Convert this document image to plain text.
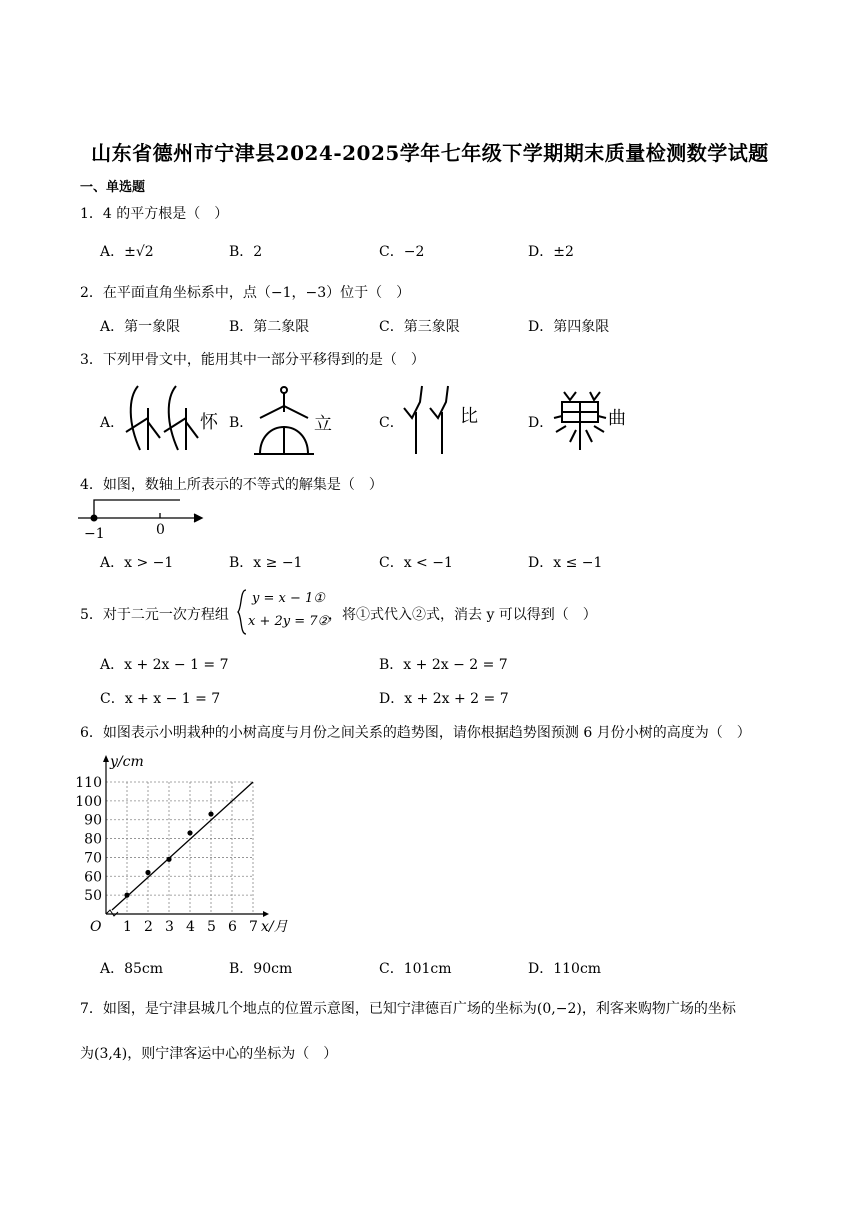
山东省德州市宁津县2024-2025学年七年级下学期期末质量检测数学试题
一、单选题
1．4 的平方根是（　）
A．±√2	B．2	C．−2	D．±2
2．在平面直角坐标系中，点（−1，−3）位于（　）
A．第一象限	B．第二象限	C．第三象限	D．第四象限
3．下列甲骨文中，能用其中一部分平移得到的是（　）
A．	B．	C．	D．
怀	立	比	曲
4．如图，数轴上所表示的不等式的解集是（　）
−1	0
A．x > −1	B．x ≥ −1	C．x < −1	D．x ≤ −1
5．对于二元一次方程组
y = x − 1①
x + 2y = 7②
，将①式代入②式，消去 y 可以得到（　）
A．x + 2x − 1 = 7	B．x + 2x − 2 = 7
C．x + x − 1 = 7	D．x + 2x + 2 = 7
6．如图表示小明栽种的小树高度与月份之间关系的趋势图，请你根据趋势图预测 6 月份小树的高度为（　）
1 2 3 4 5 6 7
50
60
70
80
90
100
110
O
y/cm
x/月
A．85cm	B．90cm	C．101cm	D．110cm
7．如图，是宁津县城几个地点的位置示意图，已知宁津德百广场的坐标为(0,−2)，利客来购物广场的坐标
为(3,4)，则宁津客运中心的坐标为（　）
